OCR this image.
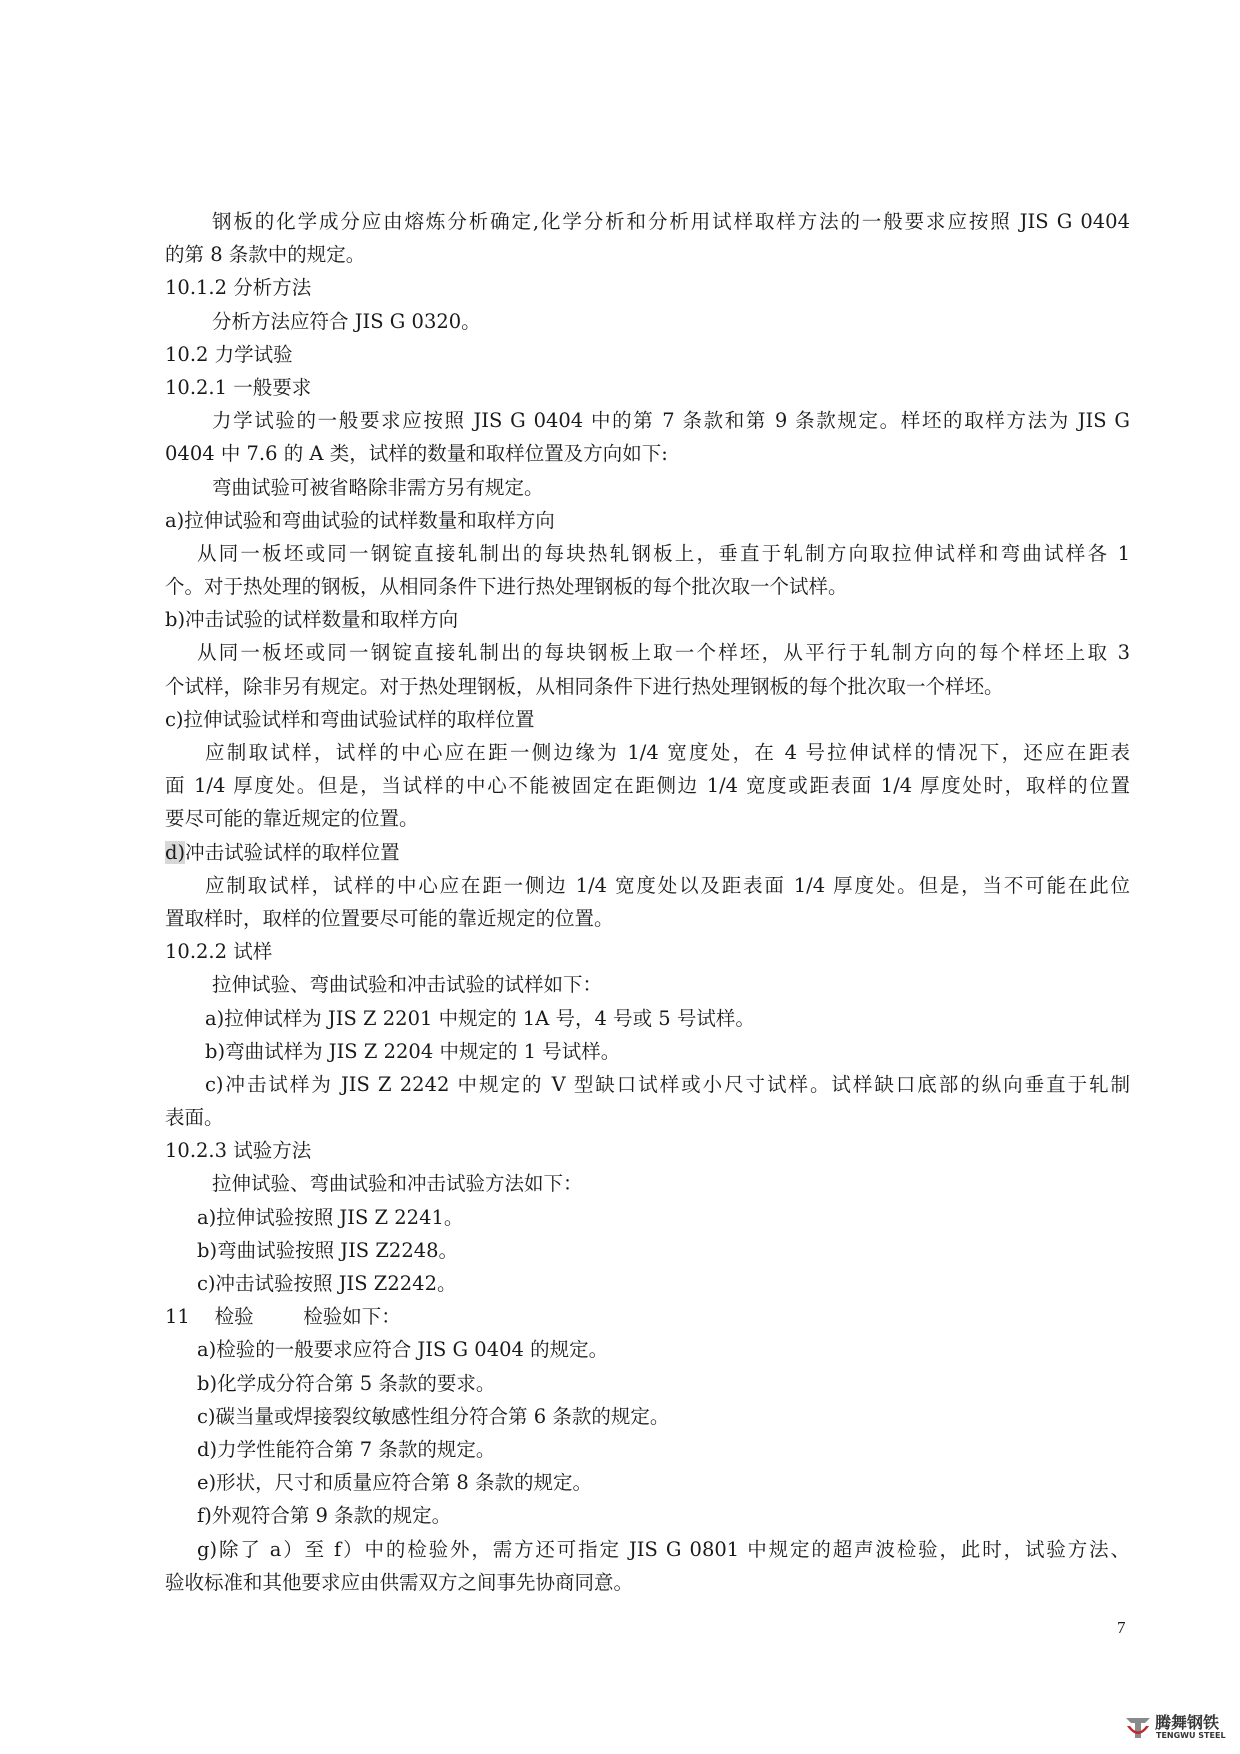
钢板的化学成分应由熔炼分析确定,化学分析和分析用试样取样方法的一般要求应按照 JIS G 0404
的第 8 条款中的规定。
10.1.2 分析方法
分析方法应符合 JIS G 0320。
10.2 力学试验
10.2.1 一般要求
力学试验的一般要求应按照 JIS G 0404 中的第 7 条款和第 9 条款规定。样坯的取样方法为 JIS G
0404 中 7.6 的 A 类，试样的数量和取样位置及方向如下:
弯曲试验可被省略除非需方另有规定。
a)拉伸试验和弯曲试验的试样数量和取样方向
从同一板坯或同一钢锭直接轧制出的每块热轧钢板上，垂直于轧制方向取拉伸试样和弯曲试样各 1
个。对于热处理的钢板，从相同条件下进行热处理钢板的每个批次取一个试样。
b)冲击试验的试样数量和取样方向
从同一板坯或同一钢锭直接轧制出的每块钢板上取一个样坯，从平行于轧制方向的每个样坯上取 3
个试样，除非另有规定。对于热处理钢板，从相同条件下进行热处理钢板的每个批次取一个样坯。
c)拉伸试验试样和弯曲试验试样的取样位置
应制取试样，试样的中心应在距一侧边缘为 1/4 宽度处，在 4 号拉伸试样的情况下，还应在距表
面 1/4 厚度处。但是，当试样的中心不能被固定在距侧边 1/4 宽度或距表面 1/4 厚度处时，取样的位置
要尽可能的靠近规定的位置。
d)冲击试验试样的取样位置
应制取试样，试样的中心应在距一侧边 1/4 宽度处以及距表面 1/4 厚度处。但是，当不可能在此位
置取样时，取样的位置要尽可能的靠近规定的位置。
10.2.2 试样
拉伸试验、弯曲试验和冲击试验的试样如下：
a)拉伸试样为 JIS Z 2201 中规定的 1A 号，4 号或 5 号试样。
b)弯曲试样为 JIS Z 2204 中规定的 1 号试样。
c)冲击试样为 JIS Z 2242 中规定的 V 型缺口试样或小尺寸试样。试样缺口底部的纵向垂直于轧制
表面。
10.2.3 试验方法
拉伸试验、弯曲试验和冲击试验方法如下：
a)拉伸试验按照 JIS Z 2241。
b)弯曲试验按照 JIS Z2248。
c)冲击试验按照 JIS Z2242。
11    检验        检验如下：
a)检验的一般要求应符合 JIS G 0404 的规定。
b)化学成分符合第 5 条款的要求。
c)碳当量或焊接裂纹敏感性组分符合第 6 条款的规定。
d)力学性能符合第 7 条款的规定。
e)形状，尺寸和质量应符合第 8 条款的规定。
f)外观符合第 9 条款的规定。
g)除了 a）至 f）中的检验外，需方还可指定 JIS G 0801 中规定的超声波检验，此时，试验方法、
验收标准和其他要求应由供需双方之间事先协商同意。
7
腾舞钢铁
TENGWU STEEL
